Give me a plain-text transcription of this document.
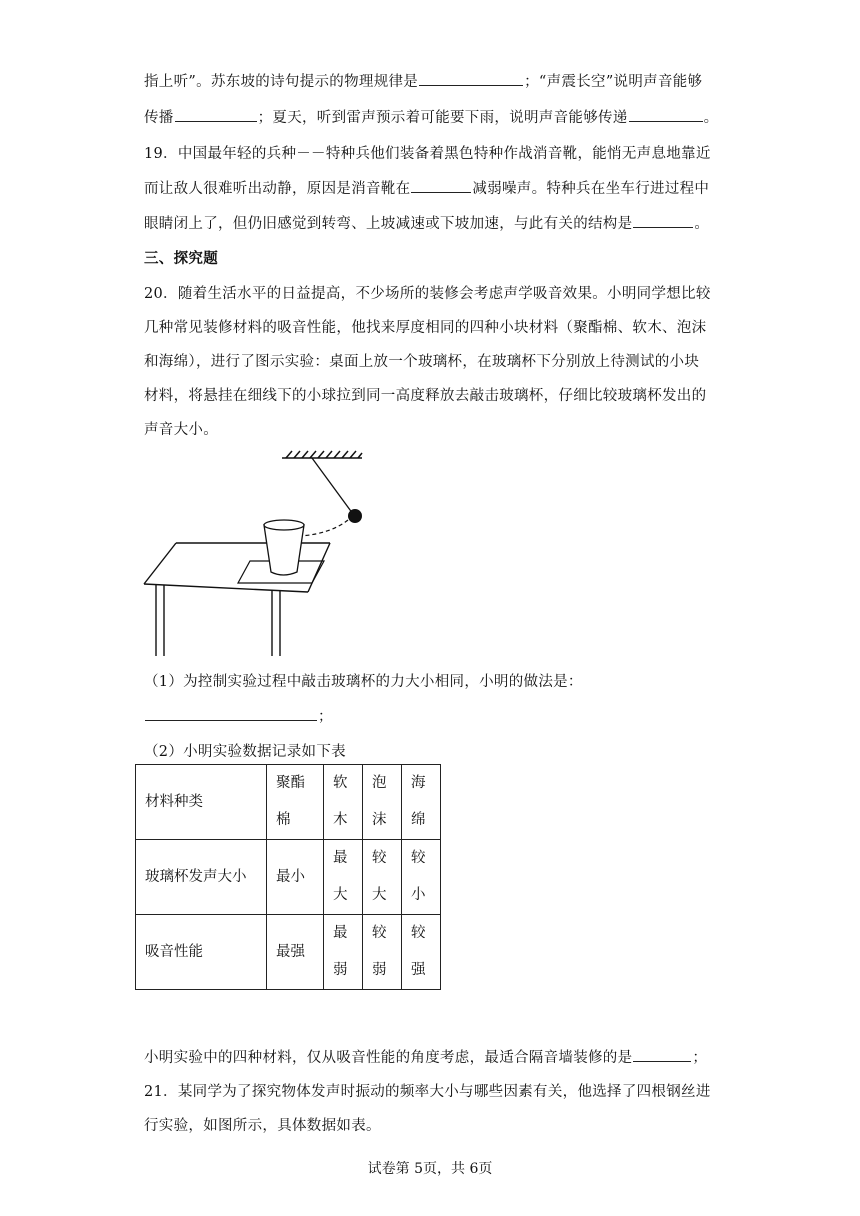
指上听”。苏东坡的诗句提示的物理规律是	；“声震长空”说明声音能够
传播	；夏天，听到雷声预示着可能要下雨，说明声音能够传递	。
19．中国最年轻的兵种－－特种兵他们装备着黑色特种作战消音靴，能悄无声息地靠近
而让敌人很难听出动静，原因是消音靴在	减弱噪声。特种兵在坐车行进过程中
眼睛闭上了，但仍旧感觉到转弯、上坡减速或下坡加速，与此有关的结构是	。
三、探究题
20．随着生活水平的日益提高，不少场所的装修会考虑声学吸音效果。小明同学想比较
几种常见装修材料的吸音性能，他找来厚度相同的四种小块材料（聚酯棉、软木、泡沫
和海绵），进行了图示实验：桌面上放一个玻璃杯，在玻璃杯下分别放上待测试的小块
材料，将悬挂在细线下的小球拉到同一高度释放去敲击玻璃杯，仔细比较玻璃杯发出的
声音大小。
（1）为控制实验过程中敲击玻璃杯的力大小相同，小明的做法是：
；
（2）小明实验数据记录如下表
材料种类	聚酯棉	软木	泡沫	海绵
玻璃杯发声大小	最小	最大	较大	较小
吸音性能	最强	最弱	较弱	较强
小明实验中的四种材料，仅从吸音性能的角度考虑，最适合隔音墙装修的是	；
21．某同学为了探究物体发声时振动的频率大小与哪些因素有关，他选择了四根钢丝进
行实验，如图所示，具体数据如表。
试卷第 5页，共 6页
